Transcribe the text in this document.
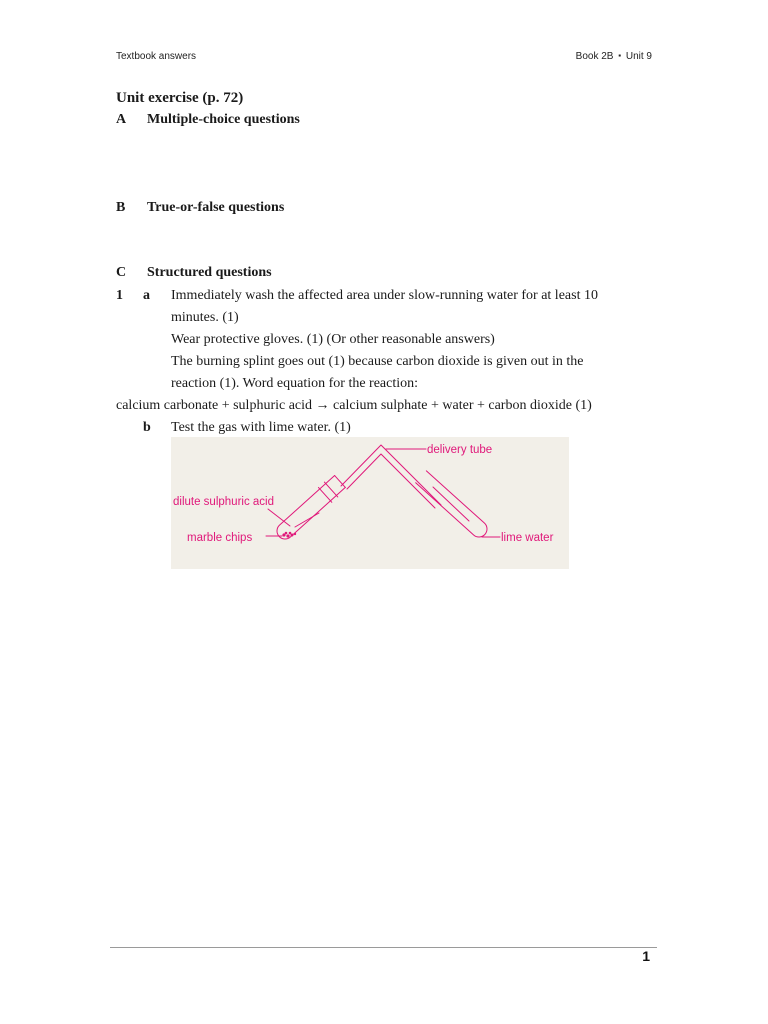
Textbook answers	Book 2B ▪ Unit 9
Unit exercise (p. 72)
A Multiple-choice questions
B True-or-false questions
C Structured questions
1 a Immediately wash the affected area under slow-running water for at least 10
minutes. (1)
Wear protective gloves. (1) (Or other reasonable answers)
The burning splint goes out (1) because carbon dioxide is given out in the
reaction (1). Word equation for the reaction:
calcium carbonate + sulphuric acid → calcium sulphate + water + carbon dioxide (1)
b Test the gas with lime water. (1)
delivery tube
dilute sulphuric acid
marble chips	lime water
1
